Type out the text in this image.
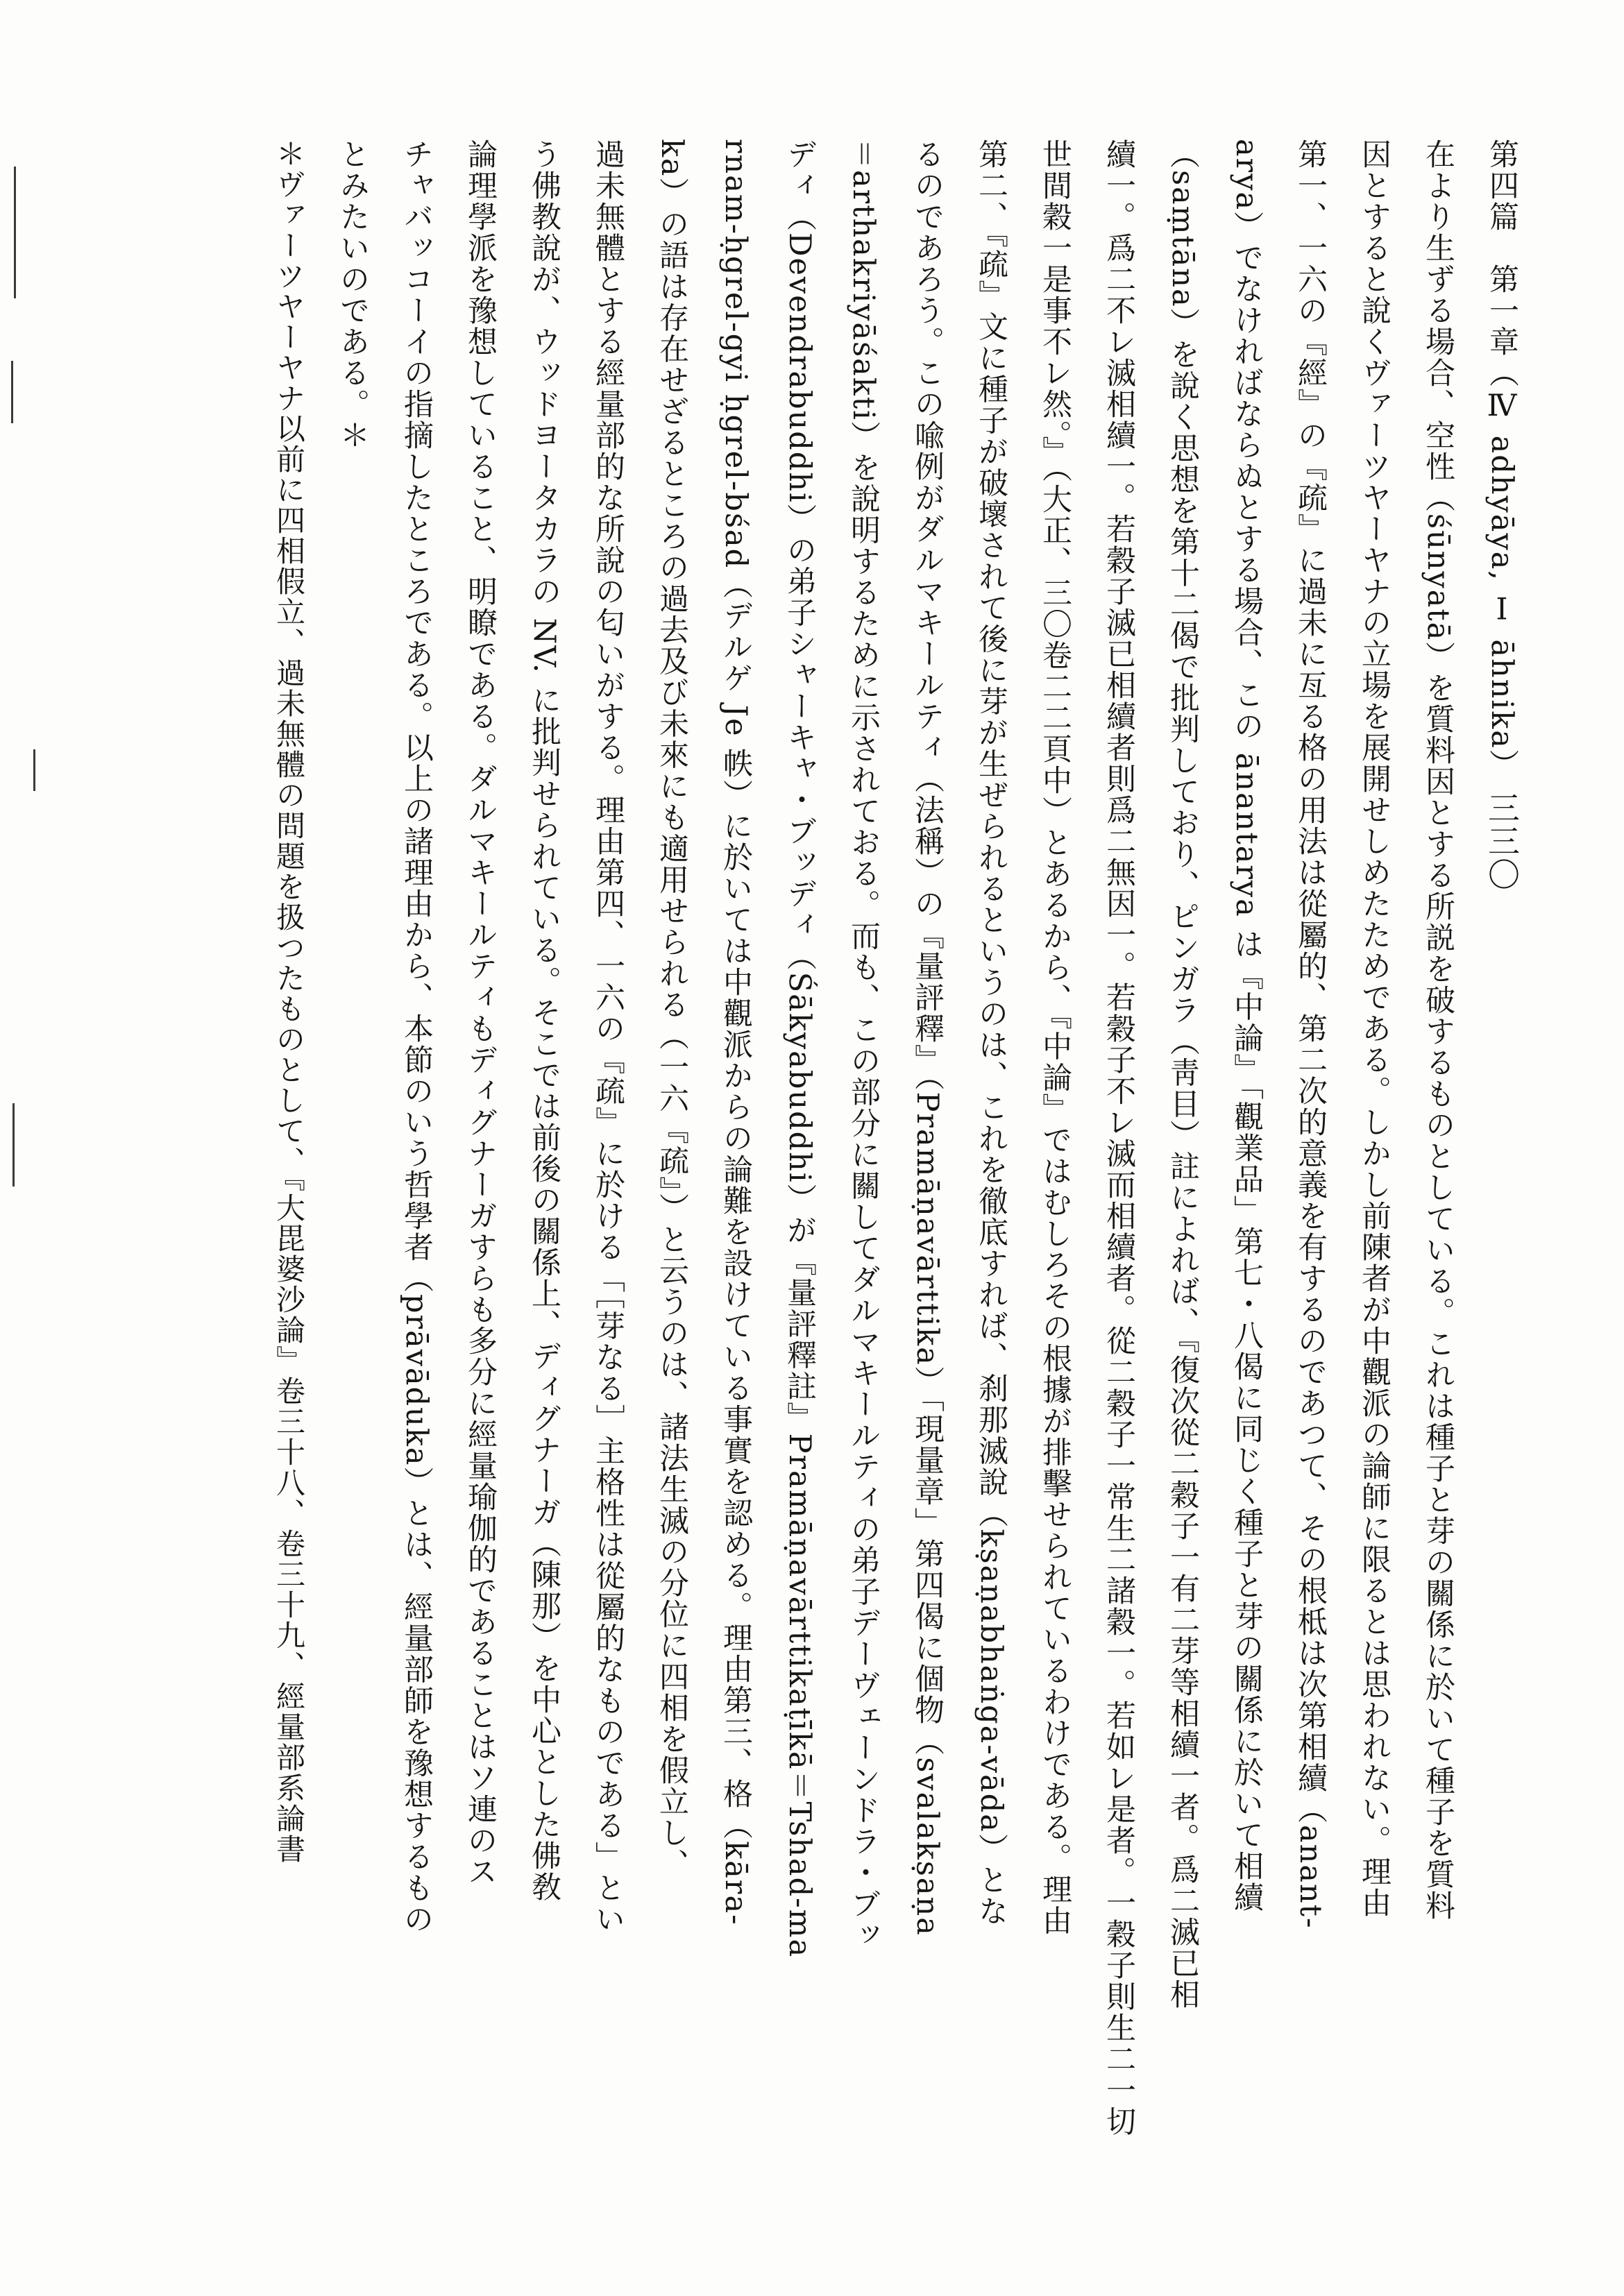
第四篇　第一章（Ⅳ adhyāya, Ⅰ āhnika） 三三〇
在より生ずる場合、空性（śūnyatā）を質料因とする所説を破するものとしている。これは種子と芽の關係に於いて種子を質料
因とすると說くヴァーツヤーヤナの立場を展開せしめたためである。しかし前陳者が中觀派の論師に限るとは思われない。理由
第一、一六の『經』の『疏』に過未に亙る格の用法は從屬的、第二次的意義を有するのであつて、その根柢は次第相續（anant-
arya）でなければならぬとする場合、この ānantarya は『中論』「觀業品」第七・八偈に同じく種子と芽の關係に於いて相續
（saṃtāna）を說く思想を第十二偈で批判しており、ピンガラ（靑目）註によれば、『復次從二穀子一有二芽等相續一者。爲二滅已相
續一。爲二不レ滅相續一。若穀子滅已相續者則爲二無因一。若穀子不レ滅而相續者。從二穀子一常生二諸穀一。若如レ是者。一穀子則生二一切
世間穀一是事不レ然。』（大正、三〇卷二二頁中）とあるから、『中論』ではむしろその根據が排擊せられているわけである。理由
第二、『疏』文に種子が破壞されて後に芽が生ぜられるというのは、これを徹底すれば、刹那滅說（kṣaṇabhaṅga-vāda）とな
るのであろう。この喩例がダルマキールティ（法稱）の『量評釋』（Pramāṇavārttika）「現量章」第四偈に個物（svalakṣaṇa
＝arthakriyāśakti）を說明するために示されておる。而も、この部分に關してダルマキールティの弟子デーヴェーンドラ・ブッ
ディ（Devendrabuddhi）の弟子シャーキャ・ブッディ（Śākyabuddhi）が『量評釋註』Pramāṇavārttikaṭīkā＝Tshad-ma
rnam-ḥgrel-gyi ḥgrel-bśad（デルゲ Je 帙）に於いては中觀派からの論難を設けている事實を認める。理由第三、格（kāra-
ka）の語は存在せざるところの過去及び未來にも適用せられる（一六『疏』）と云うのは、諸法生滅の分位に四相を假立し、
過未無體とする經量部的な所說の匂いがする。理由第四、一六の『疏』に於ける「［芽なる］主格性は從屬的なものである」とい
う佛教說が、ウッドヨータカラの NV. に批判せられている。そこでは前後の關係上、ディグナーガ（陳那）を中心とした佛敎
論理學派を豫想していること、明瞭である。ダルマキールティもディグナーガすらも多分に經量瑜伽的であることはソ連のス
チャバッコーイの指摘したところである。以上の諸理由から、本節のいう哲學者（prāvāduka）とは、經量部師を豫想するもの
とみたいのである。＊
＊ヴァーツヤーヤナ以前に四相假立、過未無體の問題を扱つたものとして、『大毘婆沙論』卷三十八、卷三十九、經量部系論書
